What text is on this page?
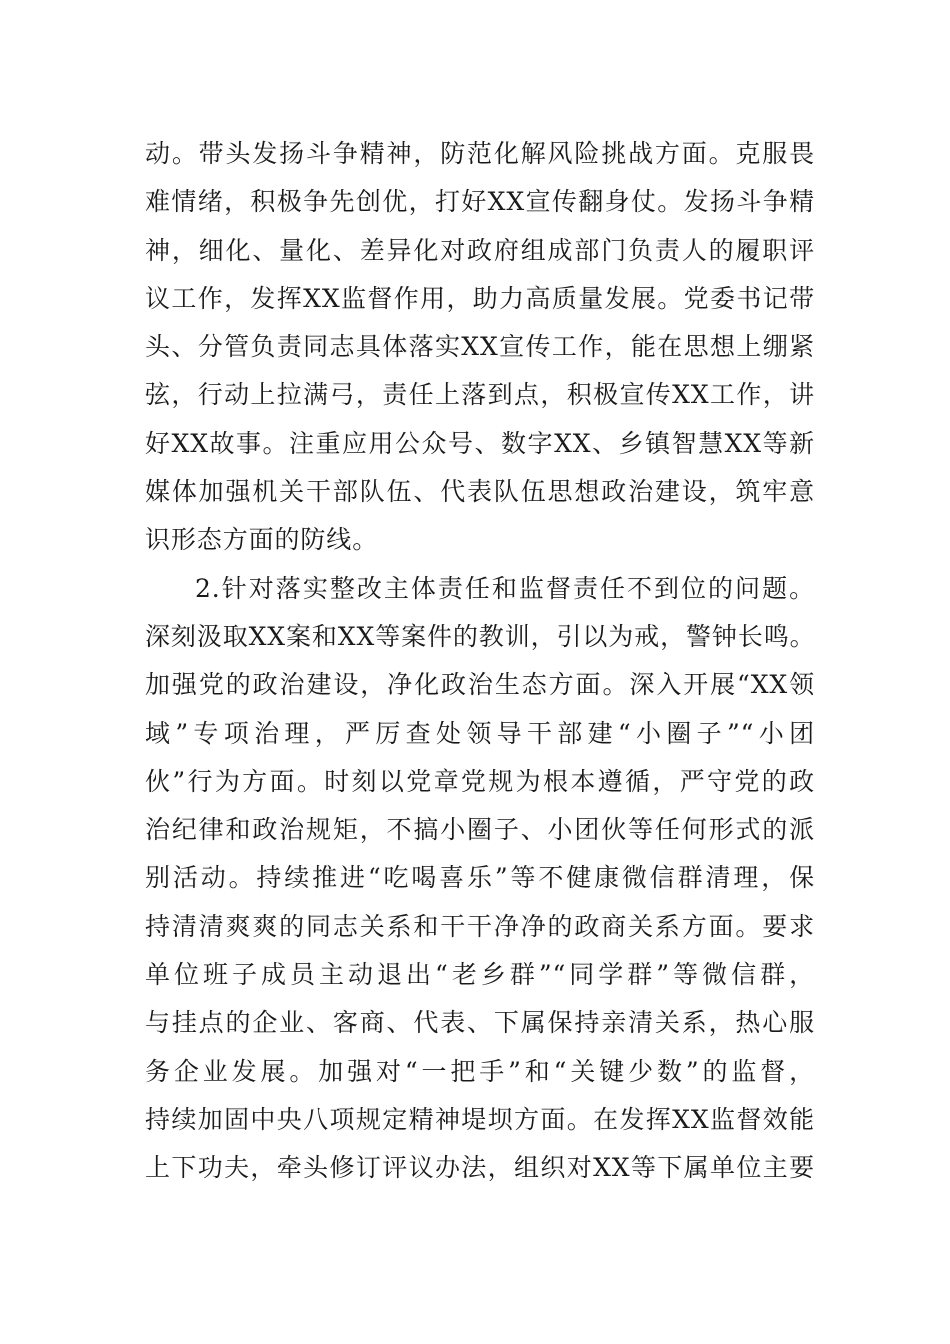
动。带头发扬斗争精神，防范化解风险挑战方面。克服畏
难情绪，积极争先创优，打好XX宣传翻身仗。发扬斗争精
神，细化、量化、差异化对政府组成部门负责人的履职评
议工作，发挥XX监督作用，助力高质量发展。党委书记带
头、分管负责同志具体落实XX宣传工作，能在思想上绷紧
弦，行动上拉满弓，责任上落到点，积极宣传XX工作，讲
好XX故事。注重应用公众号、数字XX、乡镇智慧XX等新
媒体加强机关干部队伍、代表队伍思想政治建设，筑牢意
识形态方面的防线。
2.针对落实整改主体责任和监督责任不到位的问题。
深刻汲取XX案和XX等案件的教训，引以为戒，警钟长鸣。
加强党的政治建设，净化政治生态方面。深入开展“XX领
域”专项治理，严厉查处领导干部建“小圈子”“小团
伙”行为方面。时刻以党章党规为根本遵循，严守党的政
治纪律和政治规矩，不搞小圈子、小团伙等任何形式的派
别活动。持续推进“吃喝喜乐”等不健康微信群清理，保
持清清爽爽的同志关系和干干净净的政商关系方面。要求
单位班子成员主动退出“老乡群”“同学群”等微信群，
与挂点的企业、客商、代表、下属保持亲清关系，热心服
务企业发展。加强对“一把手”和“关键少数”的监督，
持续加固中央八项规定精神堤坝方面。在发挥XX监督效能
上下功夫，牵头修订评议办法，组织对XX等下属单位主要
